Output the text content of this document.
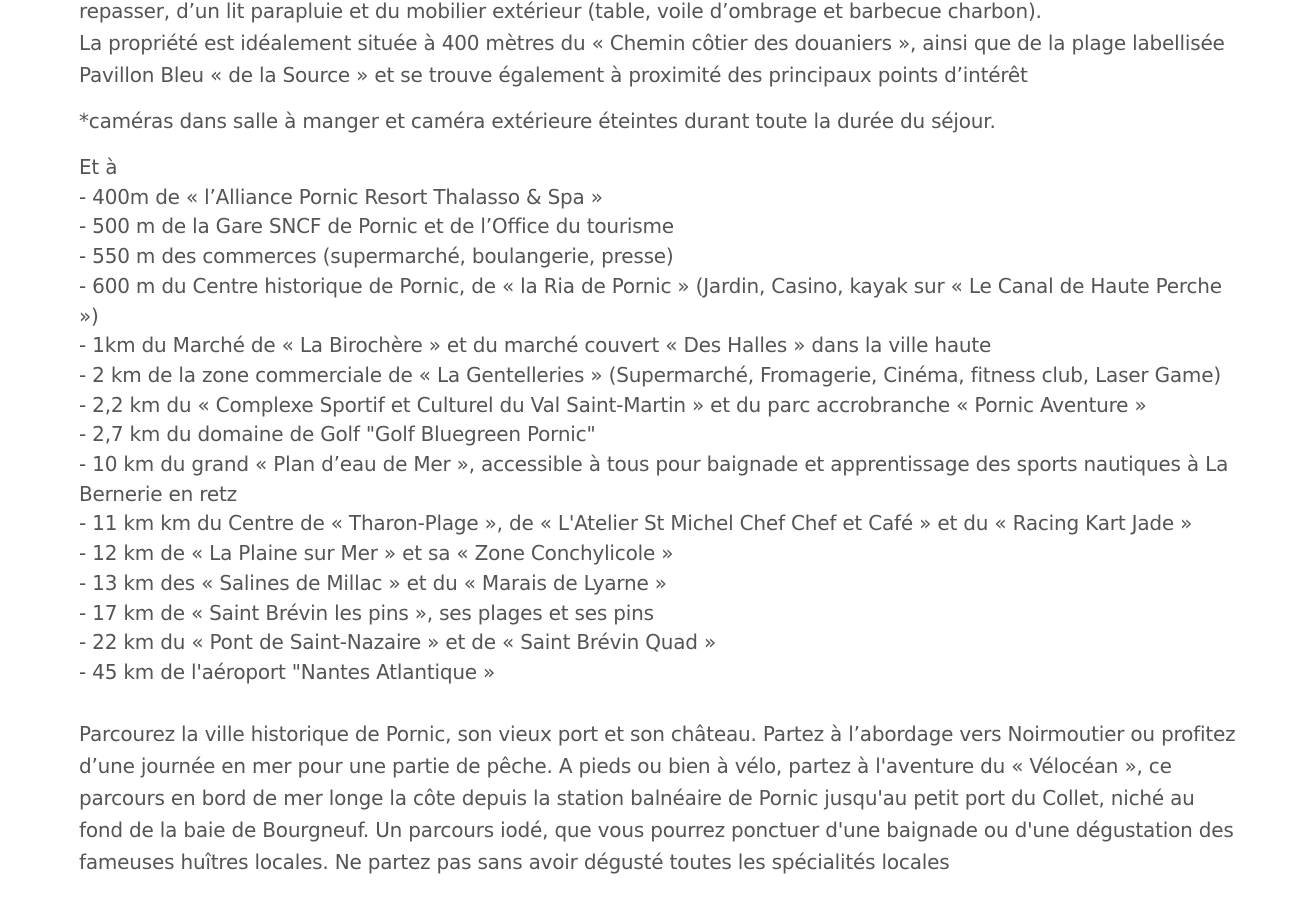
repasser, d’un lit parapluie et du mobilier extérieur (table, voile d’ombrage et barbecue charbon).
La propriété est idéalement située à 400 mètres du « Chemin côtier des douaniers », ainsi que de la plage labellisée Pavillon Bleu « de la Source » et se trouve également à proximité des principaux points d’intérêt

*caméras dans salle à manger et caméra extérieure éteintes durant toute la durée du séjour.

Et à
- 400m de « l’Alliance Pornic Resort Thalasso & Spa »
- 500 m de la Gare SNCF de Pornic et de l’Office du tourisme
- 550 m des commerces (supermarché, boulangerie, presse)
- 600 m du Centre historique de Pornic, de « la Ria de Pornic » (Jardin, Casino, kayak sur « Le Canal de Haute Perche »)
- 1km du Marché de « La Birochère » et du marché couvert « Des Halles » dans la ville haute
- 2 km de la zone commerciale de « La Gentelleries » (Supermarché, Fromagerie, Cinéma, fitness club, Laser Game)
- 2,2 km du « Complexe Sportif et Culturel du Val Saint-Martin » et du parc accrobranche « Pornic Aventure »
- 2,7 km du domaine de Golf "Golf Bluegreen Pornic"
- 10 km du grand « Plan d’eau de Mer », accessible à tous pour baignade et apprentissage des sports nautiques à La Bernerie en retz
- 11 km km du Centre de « Tharon-Plage », de « L'Atelier St Michel Chef Chef et Café » et du « Racing Kart Jade »
- 12 km de « La Plaine sur Mer » et sa « Zone Conchylicole »
- 13 km des « Salines de Millac » et du « Marais de Lyarne »
- 17 km de « Saint Brévin les pins », ses plages et ses pins
- 22 km du « Pont de Saint-Nazaire » et de « Saint Brévin Quad »
- 45 km de l'aéroport "Nantes Atlantique »

Parcourez la ville historique de Pornic, son vieux port et son château. Partez à l’abordage vers Noirmoutier ou profitez d’une journée en mer pour une partie de pêche. A pieds ou bien à vélo, partez à l'aventure du « Vélocéan », ce parcours en bord de mer longe la côte depuis la station balnéaire de Pornic jusqu'au petit port du Collet, niché au fond de la baie de Bourgneuf. Un parcours iodé, que vous pourrez ponctuer d'une baignade ou d'une dégustation des fameuses huîtres locales. Ne partez pas sans avoir dégusté toutes les spécialités locales
